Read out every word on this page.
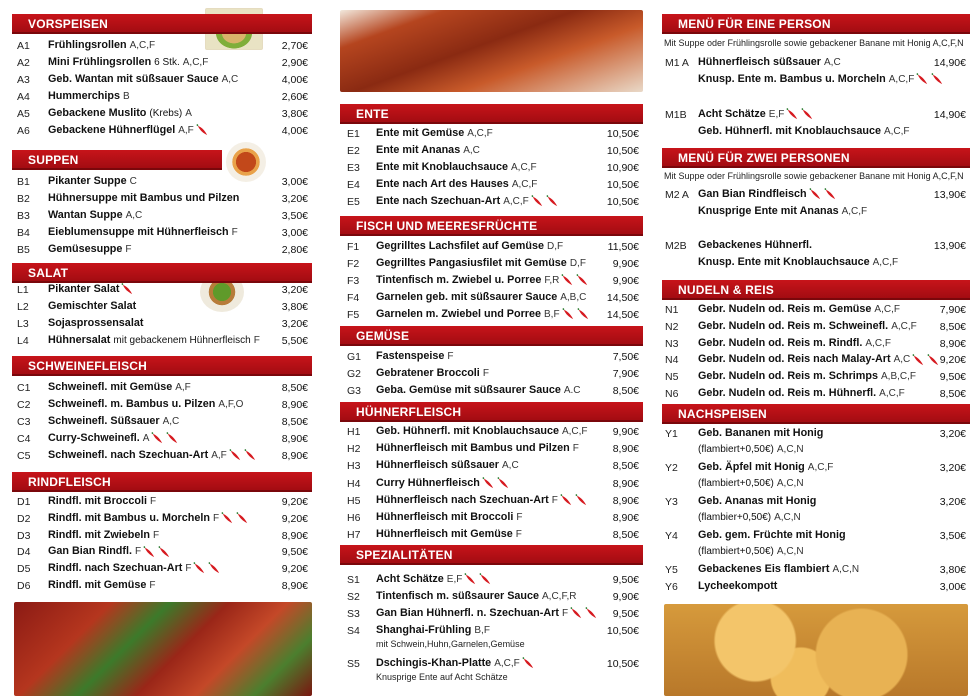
VORSPEISEN
SUPPEN
SALAT
SCHWEINEFLEISCH
RINDFLEISCH
A1 Frühlingsrollen A,C,F	2,70€
A2 Mini Frühlingsrollen 6 Stk. A,C,F	2,90€
A3 Geb. Wantan mit süßsauer Sauce A,C	4,00€
A4 Hummerchips B	2,60€
A5 Gebackene Muslito (Krebs) A	3,80€
A6 Gebackene Hühnerflügel A,F	4,00€
B1 Pikanter Suppe C	3,00€
B2 Hühnersuppe mit Bambus und Pilzen	3,20€
B3 Wantan Suppe A,C	3,50€
B4 Eieblumensuppe mit Hühnerfleisch F	3,00€
B5 Gemüsesuppe F	2,80€
L1 Pikanter Salat	3,20€
L2 Gemischter Salat	3,80€
L3 Sojasprossensalat	3,20€
L4 Hühnersalat mit gebackenem Hühnerfleisch F 5,50€
C1 Schweinefl. mit Gemüse A,F	8,50€
C2 Schweinefl. m. Bambus u. Pilzen A,F,O	8,90€
C3 Schweinefl. Süßsauer A,C	8,50€
C4 Curry-Schweinefl. A	8,90€
C5 Schweinefl. nach Szechuan-Art A,F	8,90€
D1 Rindfl. mit Broccoli F	9,20€
D2 Rindfl. mit Bambus u. Morcheln F	9,20€
D3 Rindfl. mit Zwiebeln F	8,90€
D4 Gan Bian Rindfl. F	9,50€
D5 Rindfl. nach Szechuan-Art F	9,20€
D6 Rindfl. mit Gemüse F	8,90€
ENTE
FISCH UND MEERESFRÜCHTE
GEMÜSE
HÜHNERFLEISCH
SPEZIALITÄTEN
E1 Ente mit Gemüse A,C,F	10,50€
E2 Ente mit Ananas A,C	10,50€
E3 Ente mit Knoblauchsauce A,C,F	10,90€
E4 Ente nach Art des Hauses A,C,F	10,50€
E5 Ente nach Szechuan-Art A,C,F	10,50€
F1 Gegrilltes Lachsfilet auf Gemüse D,F	11,50€
F2 Gegrilltes Pangasiusfilet mit Gemüse D,F	9,90€
F3 Tintenfisch m. Zwiebel u. Porree F,R	9,90€
F4 Garnelen geb. mit süßsaurer Sauce A,B,C 14,50€
F5 Garnelen m. Zwiebel und Porree B,F	14,50€
G1 Fastenspeise F	7,50€
G2 Gebratener Broccoli F	7,90€
G3 Geba. Gemüse mit süßsaurer Sauce A.C	8,50€
H1 Geb. Hühnerfl. mit Knoblauchsauce A,C,F 9,90€
H2 Hühnerfleisch mit Bambus und Pilzen F	8,90€
H3 Hühnerfleisch süßsauer A,C	8,50€
H4 Curry Hühnerfleisch	8,90€
H5 Hühnerfleisch nach Szechuan-Art F	8,90€
H6 Hühnerfleisch mit Broccoli F	8,90€
H7 Hühnerfleisch mit Gemüse F	8,50€
S1 Acht Schätze E,F	9,50€
S2 Tintenfisch m. süßsaurer Sauce A,C,F,R	9,90€
S3 Gan Bian Hühnerfl. n. Szechuan-Art F	9,50€
S4 Shanghai-Frühling B,F	10,50€
mit Schwein,Huhn,Garnelen,Gemüse
S5 Dschingis-Khan-Platte A,C,F	10,50€
Knusprige Ente auf Acht Schätze
MENÜ FÜR EINE PERSON
Mit Suppe oder Frühlingsrolle sowie gebackener Banane mit Honig A,C,F,N
MENÜ FÜR ZWEI PERSONEN
Mit Suppe oder Frühlingsrolle sowie gebackener Banane mit Honig A,C,F,N
NUDELN & REIS
NACHSPEISEN
N1 Gebr. Nudeln od. Reis m. Gemüse A,C,F	7,90€
N2 Gebr. Nudeln od. Reis m. Schweinefl. A,C,F 8,50€
N3 Gebr. Nudeln od. Reis m. Rindfl. A,C,F	8,90€
N4 Gebr. Nudeln od. Reis nach Malay-Art A,C	9,20€
N5 Gebr. Nudeln od. Reis m. Schrimps A,B,C,F 9,50€
N6 Gebr. Nudeln od. Reis m. Hühnerfl. A,C,F	8,50€
M1 A Hühnerfleisch süßsauer A,C	14,90€
Knusp. Ente m. Bambus u. Morcheln A,C,F
M1B Acht Schätze E,F	14,90€
Geb. Hühnerfl. mit Knoblauchsauce A,C,F
M2 A Gan Bian Rindfleisch	13,90€
Knusprige Ente mit Ananas A,C,F
M2B Gebackenes Hühnerfl.	13,90€
Knusp. Ente mit Knoblauchsauce A,C,F
Y1 Geb. Bananen mit Honig	3,20€
(flambiert+0,50€) A,C,N
Y2 Geb. Äpfel mit Honig A,C,F	3,20€
(flambiert+0,50€) A,C,N
Y3 Geb. Ananas mit Honig	3,20€
(flambier+0,50€) A,C,N
Y4 Geb. gem. Früchte mit Honig	3,50€
(flambiert+0,50€) A,C,N
Y5 Gebackenes Eis flambiert A,C,N	3,80€
Y6 Lycheekompott	3,00€
